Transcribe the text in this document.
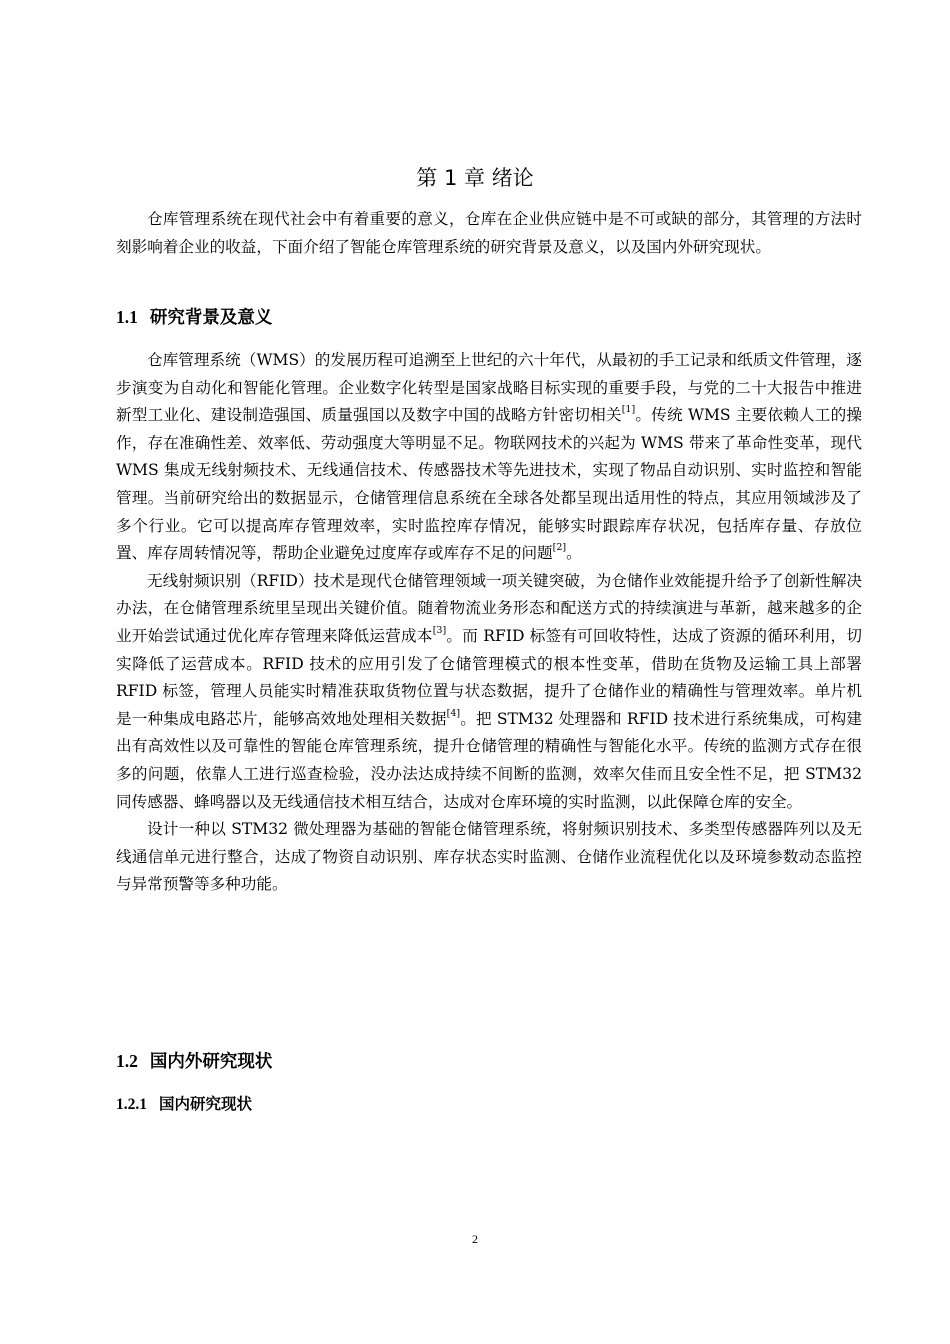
第 1 章 绪论

仓库管理系统在现代社会中有着重要的意义，仓库在企业供应链中是不可或缺的部分，其管理的方法时刻影响着企业的收益，下面介绍了智能仓库管理系统的研究背景及意义，以及国内外研究现状。

1.1 研究背景及意义

仓库管理系统（WMS）的发展历程可追溯至上世纪的六十年代，从最初的手工记录和纸质文件管理，逐步演变为自动化和智能化管理。企业数字化转型是国家战略目标实现的重要手段，与党的二十大报告中推进新型工业化、建设制造强国、质量强国以及数字中国的战略方针密切相关[1]。传统 WMS 主要依赖人工的操作，存在准确性差、效率低、劳动强度大等明显不足。物联网技术的兴起为 WMS 带来了革命性变革，现代 WMS 集成无线射频技术、无线通信技术、传感器技术等先进技术，实现了物品自动识别、实时监控和智能管理。当前研究给出的数据显示，仓储管理信息系统在全球各处都呈现出适用性的特点，其应用领域涉及了多个行业。它可以提高库存管理效率，实时监控库存情况，能够实时跟踪库存状况，包括库存量、存放位置、库存周转情况等，帮助企业避免过度库存或库存不足的问题[2]。

无线射频识别（RFID）技术是现代仓储管理领域一项关键突破，为仓储作业效能提升给予了创新性解决办法，在仓储管理系统里呈现出关键价值。随着物流业务形态和配送方式的持续演进与革新，越来越多的企业开始尝试通过优化库存管理来降低运营成本[3]。而 RFID 标签有可回收特性，达成了资源的循环利用，切实降低了运营成本。RFID 技术的应用引发了仓储管理模式的根本性变革，借助在货物及运输工具上部署 RFID 标签，管理人员能实时精准获取货物位置与状态数据，提升了仓储作业的精确性与管理效率。单片机是一种集成电路芯片，能够高效地处理相关数据[4]。把 STM32 处理器和 RFID 技术进行系统集成，可构建出有高效性以及可靠性的智能仓库管理系统，提升仓储管理的精确性与智能化水平。传统的监测方式存在很多的问题，依靠人工进行巡查检验，没办法达成持续不间断的监测，效率欠佳而且安全性不足，把 STM32 同传感器、蜂鸣器以及无线通信技术相互结合，达成对仓库环境的实时监测，以此保障仓库的安全。

设计一种以 STM32 微处理器为基础的智能仓储管理系统，将射频识别技术、多类型传感器阵列以及无线通信单元进行整合，达成了物资自动识别、库存状态实时监测、仓储作业流程优化以及环境参数动态监控与异常预警等多种功能。

1.2 国内外研究现状
1.2.1 国内研究现状
2
